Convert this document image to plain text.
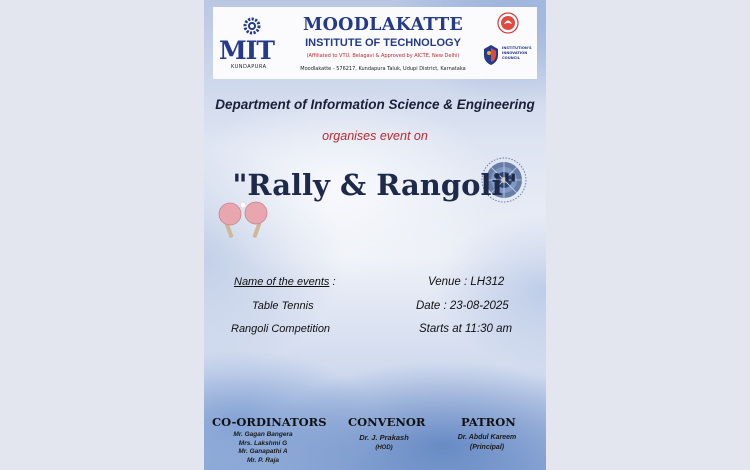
MIT
KUNDAPURA
MOODLAKATTE
INSTITUTE OF TECHNOLOGY
(Affiliated to VTU, Belagavi & Approved by AICTE, New Delhi)
Moodlakatte - 576217, Kundapura Taluk, Udupi District, Karnataka
INSTITUTION'S
INNOVATION
COUNCIL
Department of Information Science & Engineering
organises event on
"Rally & Rangoli"
Name of the events :
Table Tennis
Rangoli Competition
Venue : LH312
Date : 23-08-2025
Starts at 11:30 am
CO-ORDINATORS
Mr. Gagan Bangera
Mrs. Lakshmi G
Mr. Ganapathi A
Mr. P. Raja
CONVENOR
Dr. J. Prakash
(HOD)
PATRON
Dr. Abdul Kareem
(Principal)
